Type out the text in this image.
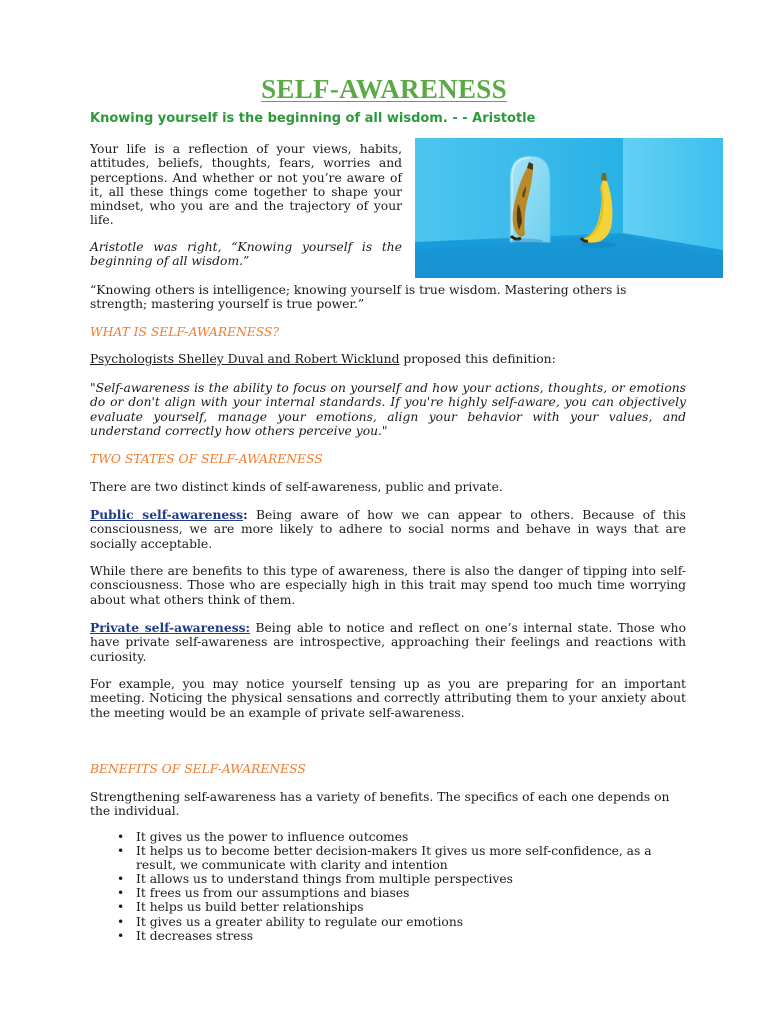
SELF-AWARENESS
Knowing yourself is the beginning of all wisdom. - - Aristotle

Your life is a reflection of your views, habits, attitudes, beliefs, thoughts, fears, worries and perceptions. And whether or not you’re aware of it, all these things come together to shape your mindset, who you are and the trajectory of your life.

Aristotle was right, “Knowing yourself is the beginning of all wisdom.”

“Knowing others is intelligence; knowing yourself is true wisdom. Mastering others is strength; mastering yourself is true power.”

WHAT IS SELF-AWARENESS?

Psychologists Shelley Duval and Robert Wicklund proposed this definition:

"Self-awareness is the ability to focus on yourself and how your actions, thoughts, or emotions do or don't align with your internal standards. If you're highly self-aware, you can objectively evaluate yourself, manage your emotions, align your behavior with your values, and understand correctly how others perceive you."

TWO STATES OF SELF-AWARENESS

There are two distinct kinds of self-awareness, public and private.

Public self-awareness: Being aware of how we can appear to others. Because of this consciousness, we are more likely to adhere to social norms and behave in ways that are socially acceptable.

While there are benefits to this type of awareness, there is also the danger of tipping into self-consciousness. Those who are especially high in this trait may spend too much time worrying about what others think of them.

Private self-awareness: Being able to notice and reflect on one’s internal state. Those who have private self-awareness are introspective, approaching their feelings and reactions with curiosity.

For example, you may notice yourself tensing up as you are preparing for an important meeting. Noticing the physical sensations and correctly attributing them to your anxiety about the meeting would be an example of private self-awareness.

BENEFITS OF SELF-AWARENESS

Strengthening self-awareness has a variety of benefits. The specifics of each one depends on the individual.

• It gives us the power to influence outcomes
• It helps us to become better decision-makers It gives us more self-confidence, as a result, we communicate with clarity and intention
• It allows us to understand things from multiple perspectives
• It frees us from our assumptions and biases
• It helps us build better relationships
• It gives us a greater ability to regulate our emotions
• It decreases stress
